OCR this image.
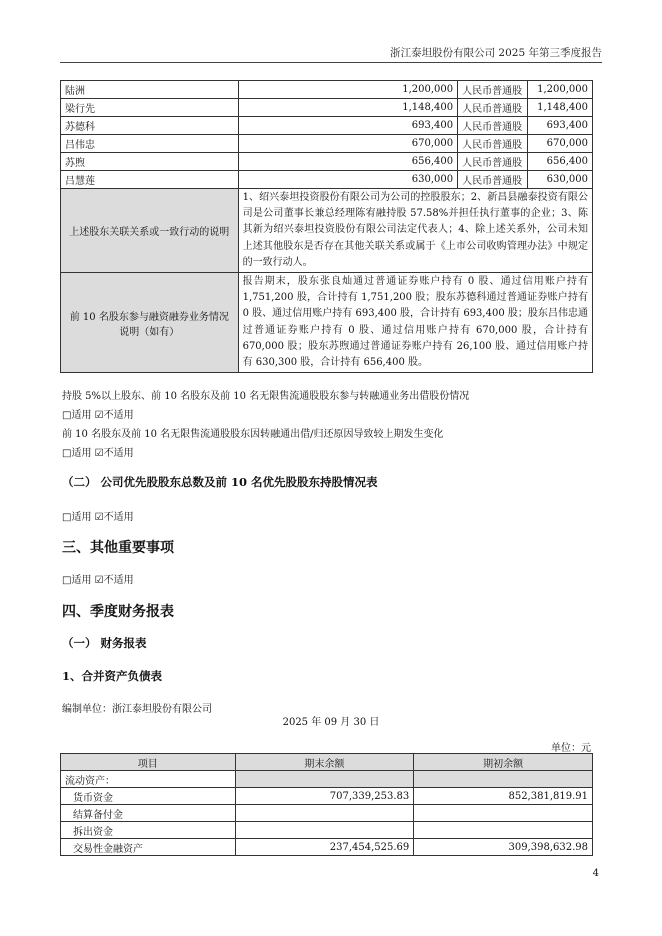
浙江泰坦股份有限公司 2025 年第三季度报告
陆洲	1,200,000	人民币普通股	1,200,000
梁行先	1,148,400	人民币普通股	1,148,400
苏德科	693,400	人民币普通股	693,400
吕伟忠	670,000	人民币普通股	670,000
苏煦	656,400	人民币普通股	656,400
吕慧莲	630,000	人民币普通股	630,000
上述股东关联关系或一致行动的说明	1、绍兴泰坦投资股份有限公司为公司的控股股东；2、新昌县融泰投资有限公司是公司董事长兼总经理陈宥融持股 57.58%并担任执行董事的企业；3、陈其新为绍兴泰坦投资股份有限公司法定代表人；4、除上述关系外，公司未知上述其他股东是否存在其他关联关系或属于《上市公司收购管理办法》中规定的一致行动人。		
前 10 名股东参与融资融券业务情况说明（如有）	报告期末，股东张良灿通过普通证券账户持有 0 股、通过信用账户持有 1,751,200 股，合计持有 1,751,200 股；股东苏德科通过普通证券账户持有 0 股、通过信用账户持有 693,400 股，合计持有 693,400 股；股东吕伟忠通过普通证券账户持有 0 股、通过信用账户持有 670,000 股，合计持有 670,000 股；股东苏煦通过普通证券账户持有 26,100 股、通过信用账户持有 630,300 股，合计持有 656,400 股。		
持股 5%以上股东、前 10 名股东及前 10 名无限售流通股股东参与转融通业务出借股份情况
□适用 ☑不适用
前 10 名股东及前 10 名无限售流通股股东因转融通出借/归还原因导致较上期发生变化
□适用 ☑不适用
（二） 公司优先股股东总数及前 10 名优先股股东持股情况表
□适用 ☑不适用
三、其他重要事项
□适用 ☑不适用
四、季度财务报表
（一） 财务报表
1、合并资产负债表
编制单位：浙江泰坦股份有限公司
2025 年 09 月 30 日
单位：元
项目	期末余额	期初余额
流动资产：		
货币资金	707,339,253.83	852,381,819.91
结算备付金		
拆出资金		
交易性金融资产	237,454,525.69	309,398,632.98
4
